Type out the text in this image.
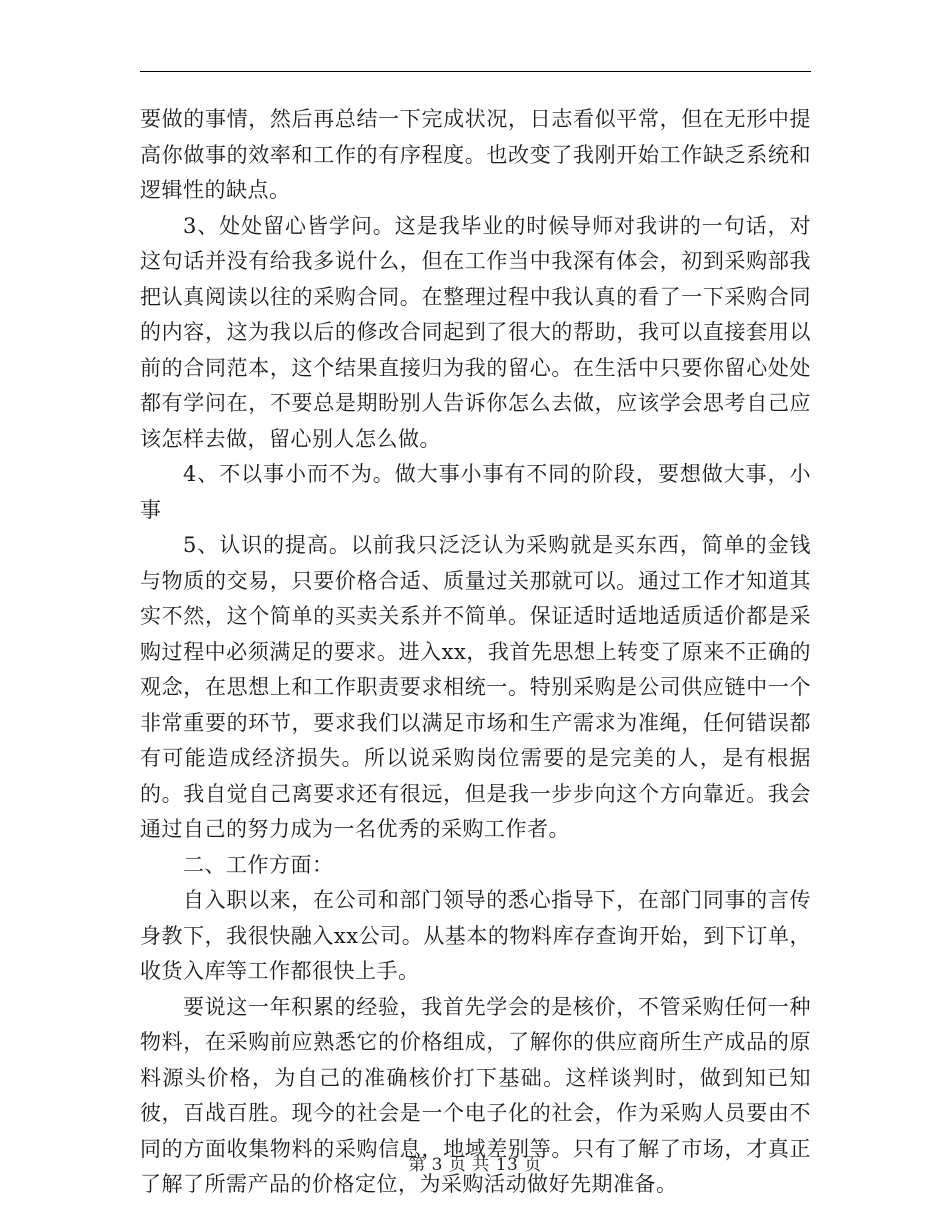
要做的事情，然后再总结一下完成状况，日志看似平常，但在无形中提高你做事的效率和工作的有序程度。也改变了我刚开始工作缺乏系统和逻辑性的缺点。

3、处处留心皆学问。这是我毕业的时候导师对我讲的一句话，对这句话并没有给我多说什么，但在工作当中我深有体会，初到采购部我把认真阅读以往的采购合同。在整理过程中我认真的看了一下采购合同的内容，这为我以后的修改合同起到了很大的帮助，我可以直接套用以前的合同范本，这个结果直接归为我的留心。在生活中只要你留心处处都有学问在，不要总是期盼别人告诉你怎么去做，应该学会思考自己应该怎样去做，留心别人怎么做。

4、不以事小而不为。做大事小事有不同的阶段，要想做大事，小事

5、认识的提高。以前我只泛泛认为采购就是买东西，简单的金钱与物质的交易，只要价格合适、质量过关那就可以。通过工作才知道其实不然，这个简单的买卖关系并不简单。保证适时适地适质适价都是采购过程中必须满足的要求。进入xx，我首先思想上转变了原来不正确的观念，在思想上和工作职责要求相统一。特别采购是公司供应链中一个非常重要的环节，要求我们以满足市场和生产需求为准绳，任何错误都有可能造成经济损失。所以说采购岗位需要的是完美的人，是有根据的。我自觉自己离要求还有很远，但是我一步步向这个方向靠近。我会通过自己的努力成为一名优秀的采购工作者。

二、工作方面：

自入职以来，在公司和部门领导的悉心指导下，在部门同事的言传身教下，我很快融入xx公司。从基本的物料库存查询开始，到下订单，收货入库等工作都很快上手。

要说这一年积累的经验，我首先学会的是核价，不管采购任何一种物料，在采购前应熟悉它的价格组成，了解你的供应商所生产成品的原料源头价格，为自己的准确核价打下基础。这样谈判时，做到知已知彼，百战百胜。现今的社会是一个电子化的社会，作为采购人员要由不同的方面收集物料的采购信息，地域差别等。只有了解了市场，才真正了解了所需产品的价格定位，为采购活动做好先期准备。

第 3 页 共 13 页
